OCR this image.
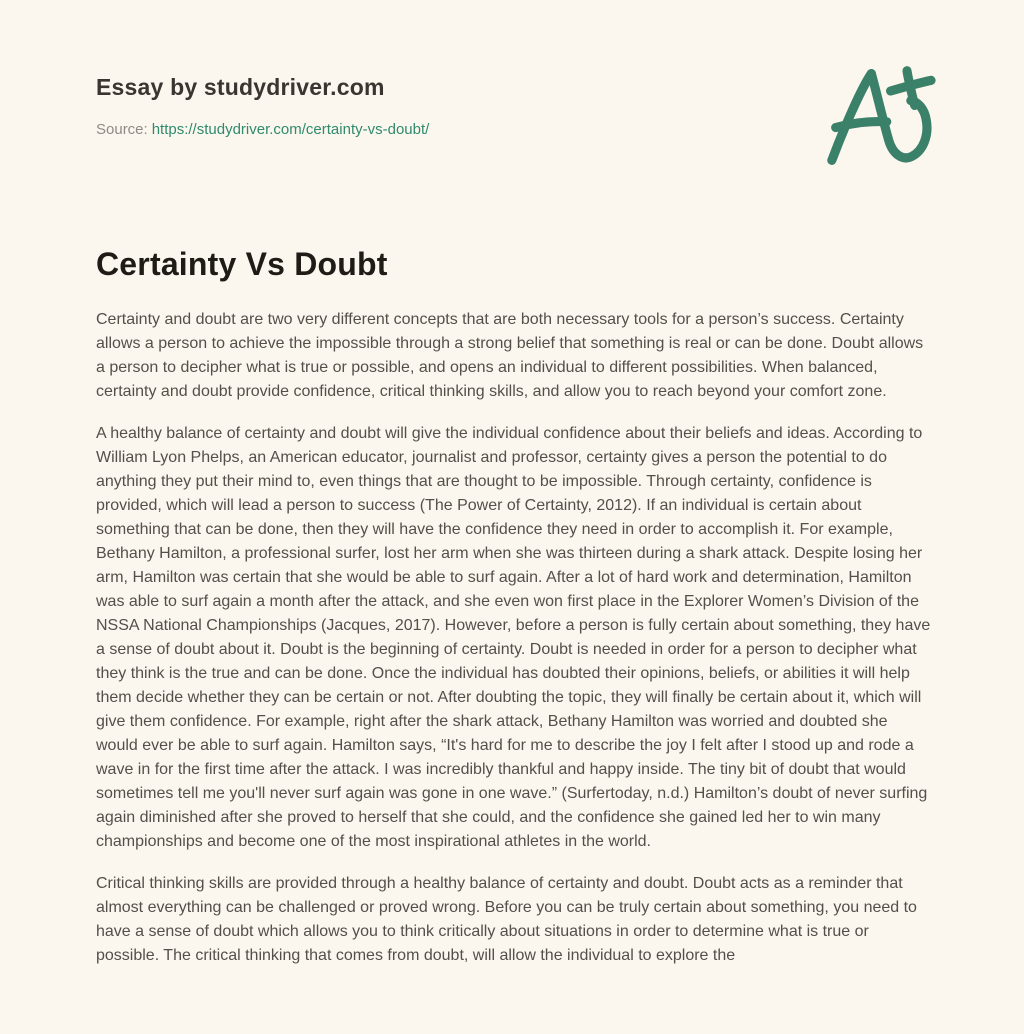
Essay by studydriver.com
Source: https://studydriver.com/certainty-vs-doubt/
Certainty Vs Doubt

Certainty and doubt are two very different concepts that are both necessary tools for a person’s success. Certainty allows a person to achieve the impossible through a strong belief that something is real or can be done. Doubt allows a person to decipher what is true or possible, and opens an individual to different possibilities. When balanced, certainty and doubt provide confidence, critical thinking skills, and allow you to reach beyond your comfort zone.

A healthy balance of certainty and doubt will give the individual confidence about their beliefs and ideas. According to William Lyon Phelps, an American educator, journalist and professor, certainty gives a person the potential to do anything they put their mind to, even things that are thought to be impossible. Through certainty, confidence is provided, which will lead a person to success (The Power of Certainty, 2012). If an individual is certain about something that can be done, then they will have the confidence they need in order to accomplish it. For example, Bethany Hamilton, a professional surfer, lost her arm when she was thirteen during a shark attack. Despite losing her arm, Hamilton was certain that she would be able to surf again. After a lot of hard work and determination, Hamilton was able to surf again a month after the attack, and she even won first place in the Explorer Women’s Division of the NSSA National Championships (Jacques, 2017). However, before a person is fully certain about something, they have a sense of doubt about it. Doubt is the beginning of certainty. Doubt is needed in order for a person to decipher what they think is the true and can be done. Once the individual has doubted their opinions, beliefs, or abilities it will help them decide whether they can be certain or not. After doubting the topic, they will finally be certain about it, which will give them confidence. For example, right after the shark attack, Bethany Hamilton was worried and doubted she would ever be able to surf again. Hamilton says, “It's hard for me to describe the joy I felt after I stood up and rode a wave in for the first time after the attack. I was incredibly thankful and happy inside. The tiny bit of doubt that would sometimes tell me you'll never surf again was gone in one wave.” (Surfertoday, n.d.) Hamilton’s doubt of never surfing again diminished after she proved to herself that she could, and the confidence she gained led her to win many championships and become one of the most inspirational athletes in the world.

Critical thinking skills are provided through a healthy balance of certainty and doubt. Doubt acts as a reminder that almost everything can be challenged or proved wrong. Before you can be truly certain about something, you need to have a sense of doubt which allows you to think critically about situations in order to determine what is true or possible. The critical thinking that comes from doubt, will allow the individual to explore the
